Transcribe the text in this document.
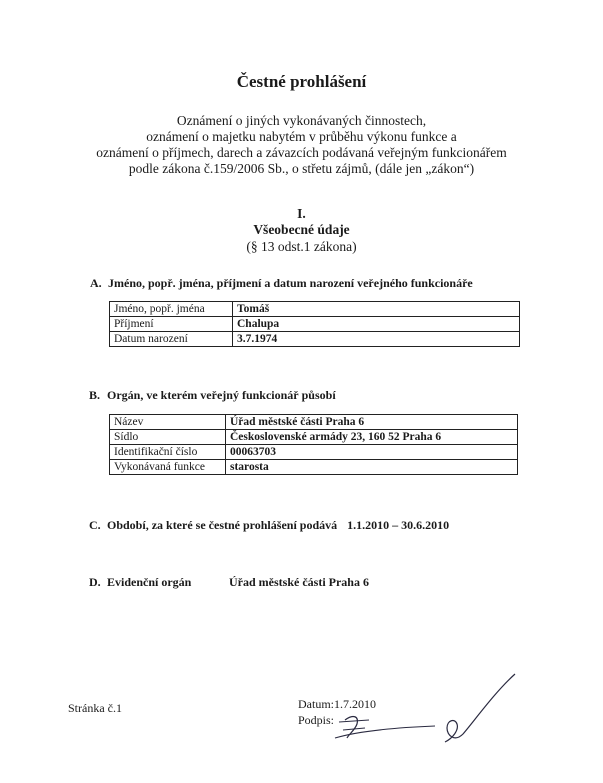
Čestné prohlášení
Oznámení o jiných vykonávaných činnostech,
oznámení o majetku nabytém v průběhu výkonu funkce a
oznámení o příjmech, darech a závazcích podávaná veřejným funkcionářem
podle zákona č.159/2006 Sb., o střetu zájmů, (dále jen „zákon“)
I.
Všeobecné údaje
(§ 13 odst.1 zákona)
A. Jméno, popř. jména, příjmení a datum narození veřejného funkcionáře
Jméno, popř. jména	Tomáš
Příjmení	Chalupa
Datum narození	3.7.1974
B. Orgán, ve kterém veřejný funkcionář působí
Název	Úřad městské části Praha 6
Sídlo	Československé armády 23, 160 52 Praha 6
Identifikační číslo	00063703
Vykonávaná funkce	starosta
C. Období, za které se čestné prohlášení podává 1.1.2010 – 30.6.2010
D. Evidenční orgán	Úřad městské části Praha 6
Stránka č.1	Datum:1.7.2010
Podpis:
